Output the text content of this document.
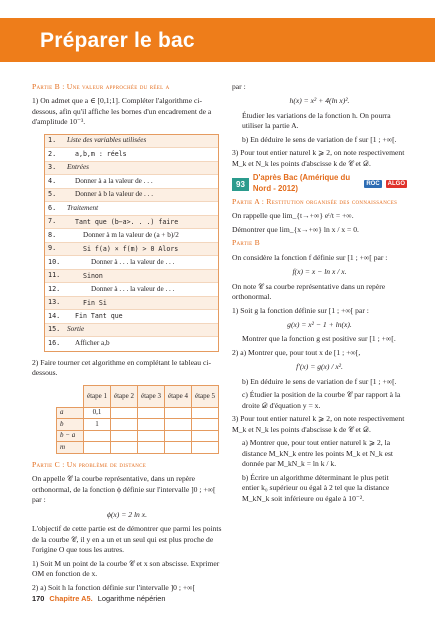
Préparer le bac
Partie B : Une valeur approchée du réel a

1) On admet que a ∈ [0,1;1]. Compléter l'algorithme ci-dessous, afin qu'il affiche les bornes d'un encadrement de a d'amplitude 10⁻³.

1.	Liste des variables utilisées
2.	a,b,m : réels
3.	Entrées
4.	Donner à a la valeur de . . .
5.	Donner à b la valeur de . . .
6.	Traitement
7.	Tant que (b−a>. . .) faire
8.	Donner à m la valeur de (a + b)/2
9.	Si f(a) × f(m) > 0 Alors
10.	Donner à . . . la valeur de . . .
11.	Sinon
12.	Donner à . . . la valeur de . . .
13.	Fin Si
14.	Fin Tant que
15. Sortie
16.	Afficher a,b

2) Faire tourner cet algorithme en complétant le tableau ci-dessous.

	étape 1	étape 2	étape 3	étape 4	étape 5
a	0,1				
b	1				
b − a					
m					
Partie C : Un problème de distance

On appelle 𝒞 la courbe représentative, dans un repère orthonormal, de la fonction ϕ définie sur l'intervalle ]0 ; +∞[ par :

ϕ(x) = 2 ln x.

L'objectif de cette partie est de démontrer que parmi les points de la courbe 𝒞, il y en a un et un seul qui est plus proche de l'origine O que tous les autres.

1) Soit M un point de la courbe 𝒞 et x son abscisse. Exprimer OM en fonction de x.

2) a) Soit h la fonction définie sur l'intervalle ]0 ; +∞[

par :

h(x) = x² + 4(ln x)².

Étudier les variations de la fonction h. On pourra utiliser la partie A.

b) En déduire le sens de variation de f sur [1 ; +∞[.

3) Pour tout entier naturel k ⩾ 2, on note respectivement M_k et N_k les points d'abscisse k de 𝒞 et 𝒟.

93
D'après Bac (Amérique du Nord - 2012)
ROC	ALGO
Partie A : Restitution organisée des connaissances

On rappelle que lim_{t→+∞} eᵗ/t = +∞.

Démontrer que lim_{x→+∞} ln x / x = 0.

Partie B

On considère la fonction f définie sur [1 ; +∞[ par :

f(x) = x − ln x / x.

On note 𝒞 sa courbe représentative dans un repère orthonormal.

1) Soit g la fonction définie sur [1 ; +∞[ par :

g(x) = x² − 1 + ln(x).

Montrer que la fonction g est positive sur [1 ; +∞[.

2) a) Montrer que, pour tout x de [1 ; +∞[,

f′(x) = g(x) / x².

b) En déduire le sens de variation de f sur [1 ; +∞[.

c) Étudier la position de la courbe 𝒞 par rapport à la droite 𝒟 d'équation y = x.

3) Pour tout entier naturel k ⩾ 2, on note respectivement M_k et N_k les points d'abscisse k de 𝒞 et 𝒟.

a) Montrer que, pour tout entier naturel k ⩾ 2, la distance M_kN_k entre les points M_k et N_k est donnée par M_kN_k = ln k / k.

b) Écrire un algorithme déterminant le plus petit entier k₀ supérieur ou égal à 2 tel que la distance M_kN_k soit inférieure ou égale à 10⁻².

170 Chapitre A5. Logarithme népérien
